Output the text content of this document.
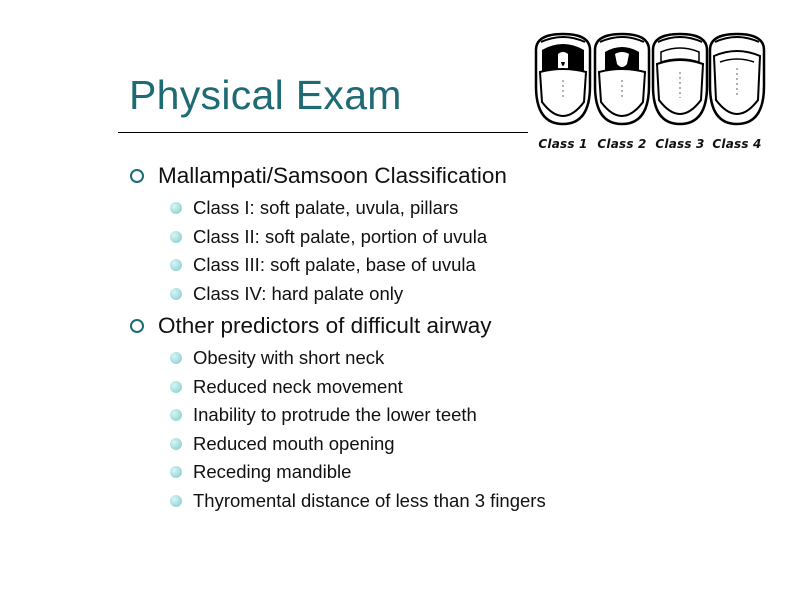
Physical Exam
Class 1 Class 2 Class 3 Class 4
Mallampati/Samsoon Classification
Class I: soft palate, uvula, pillars
Class II: soft palate, portion of uvula
Class III: soft palate, base of uvula
Class IV: hard palate only
Other predictors of difficult airway
Obesity with short neck
Reduced neck movement
Inability to protrude the lower teeth
Reduced mouth opening
Receding mandible
Thyromental distance of less than 3 fingers
